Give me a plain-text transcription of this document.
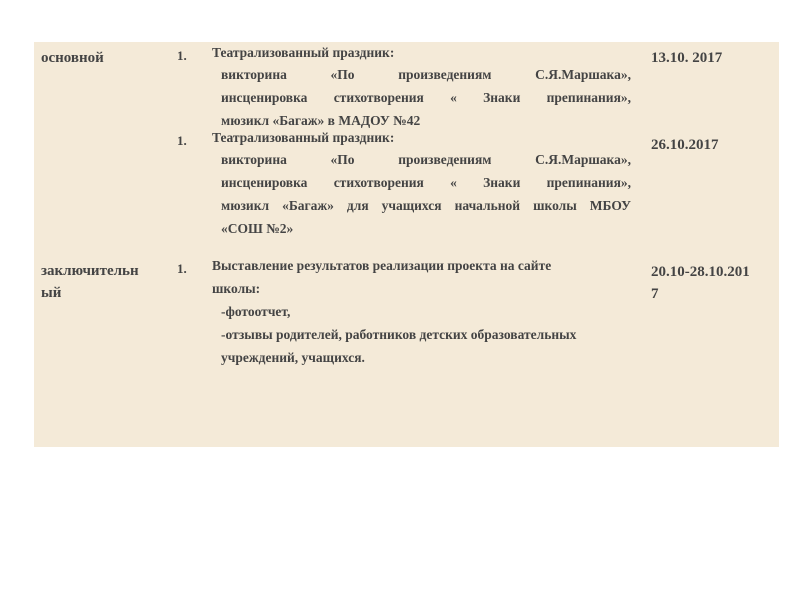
основной	1. Театрализованный праздник:
викторина «По произведениям С.Я.Маршака»,
инсценировка стихотворения « Знаки препинания»,
мюзикл «Багаж» в МАДОУ №42
13.10. 2017
1. Театрализованный праздник:
викторина «По произведениям С.Я.Маршака»,
инсценировка стихотворения « Знаки препинания»,
мюзикл «Багаж» для учащихся начальной школы МБОУ
«СОШ №2»
26.10.2017
заключительн
ый
1. Выставление результатов реализации проекта на сайте
школы:
-фотоотчет,
-отзывы родителей, работников детских образовательных
учреждений, учащихся.
20.10-28.10.201
7
